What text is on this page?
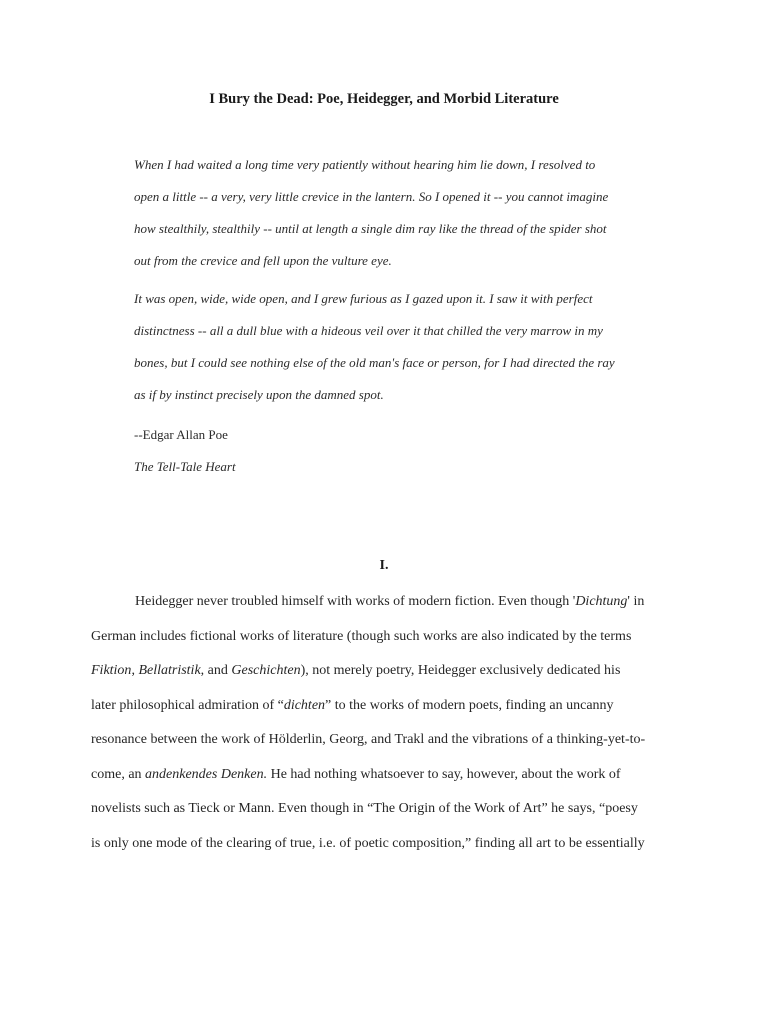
I Bury the Dead: Poe, Heidegger, and Morbid Literature
When I had waited a long time very patiently without hearing him lie down, I resolved to
open a little -- a very, very little crevice in the lantern. So I opened it -- you cannot imagine
how stealthily, stealthily -- until at length a single dim ray like the thread of the spider shot
out from the crevice and fell upon the vulture eye.
It was open, wide, wide open, and I grew furious as I gazed upon it. I saw it with perfect
distinctness -- all a dull blue with a hideous veil over it that chilled the very marrow in my
bones, but I could see nothing else of the old man's face or person, for I had directed the ray
as if by instinct precisely upon the damned spot.
--Edgar Allan Poe
The Tell-Tale Heart
I.
Heidegger never troubled himself with works of modern fiction. Even though 'Dichtung' in
German includes fictional works of literature (though such works are also indicated by the terms
Fiktion, Bellatristik, and Geschichten), not merely poetry, Heidegger exclusively dedicated his
later philosophical admiration of “dichten” to the works of modern poets, finding an uncanny
resonance between the work of Hölderlin, Georg, and Trakl and the vibrations of a thinking-yet-to-
come, an andenkendes Denken. He had nothing whatsoever to say, however, about the work of
novelists such as Tieck or Mann. Even though in “The Origin of the Work of Art” he says, “poesy
is only one mode of the clearing of true, i.e. of poetic composition,” finding all art to be essentially
